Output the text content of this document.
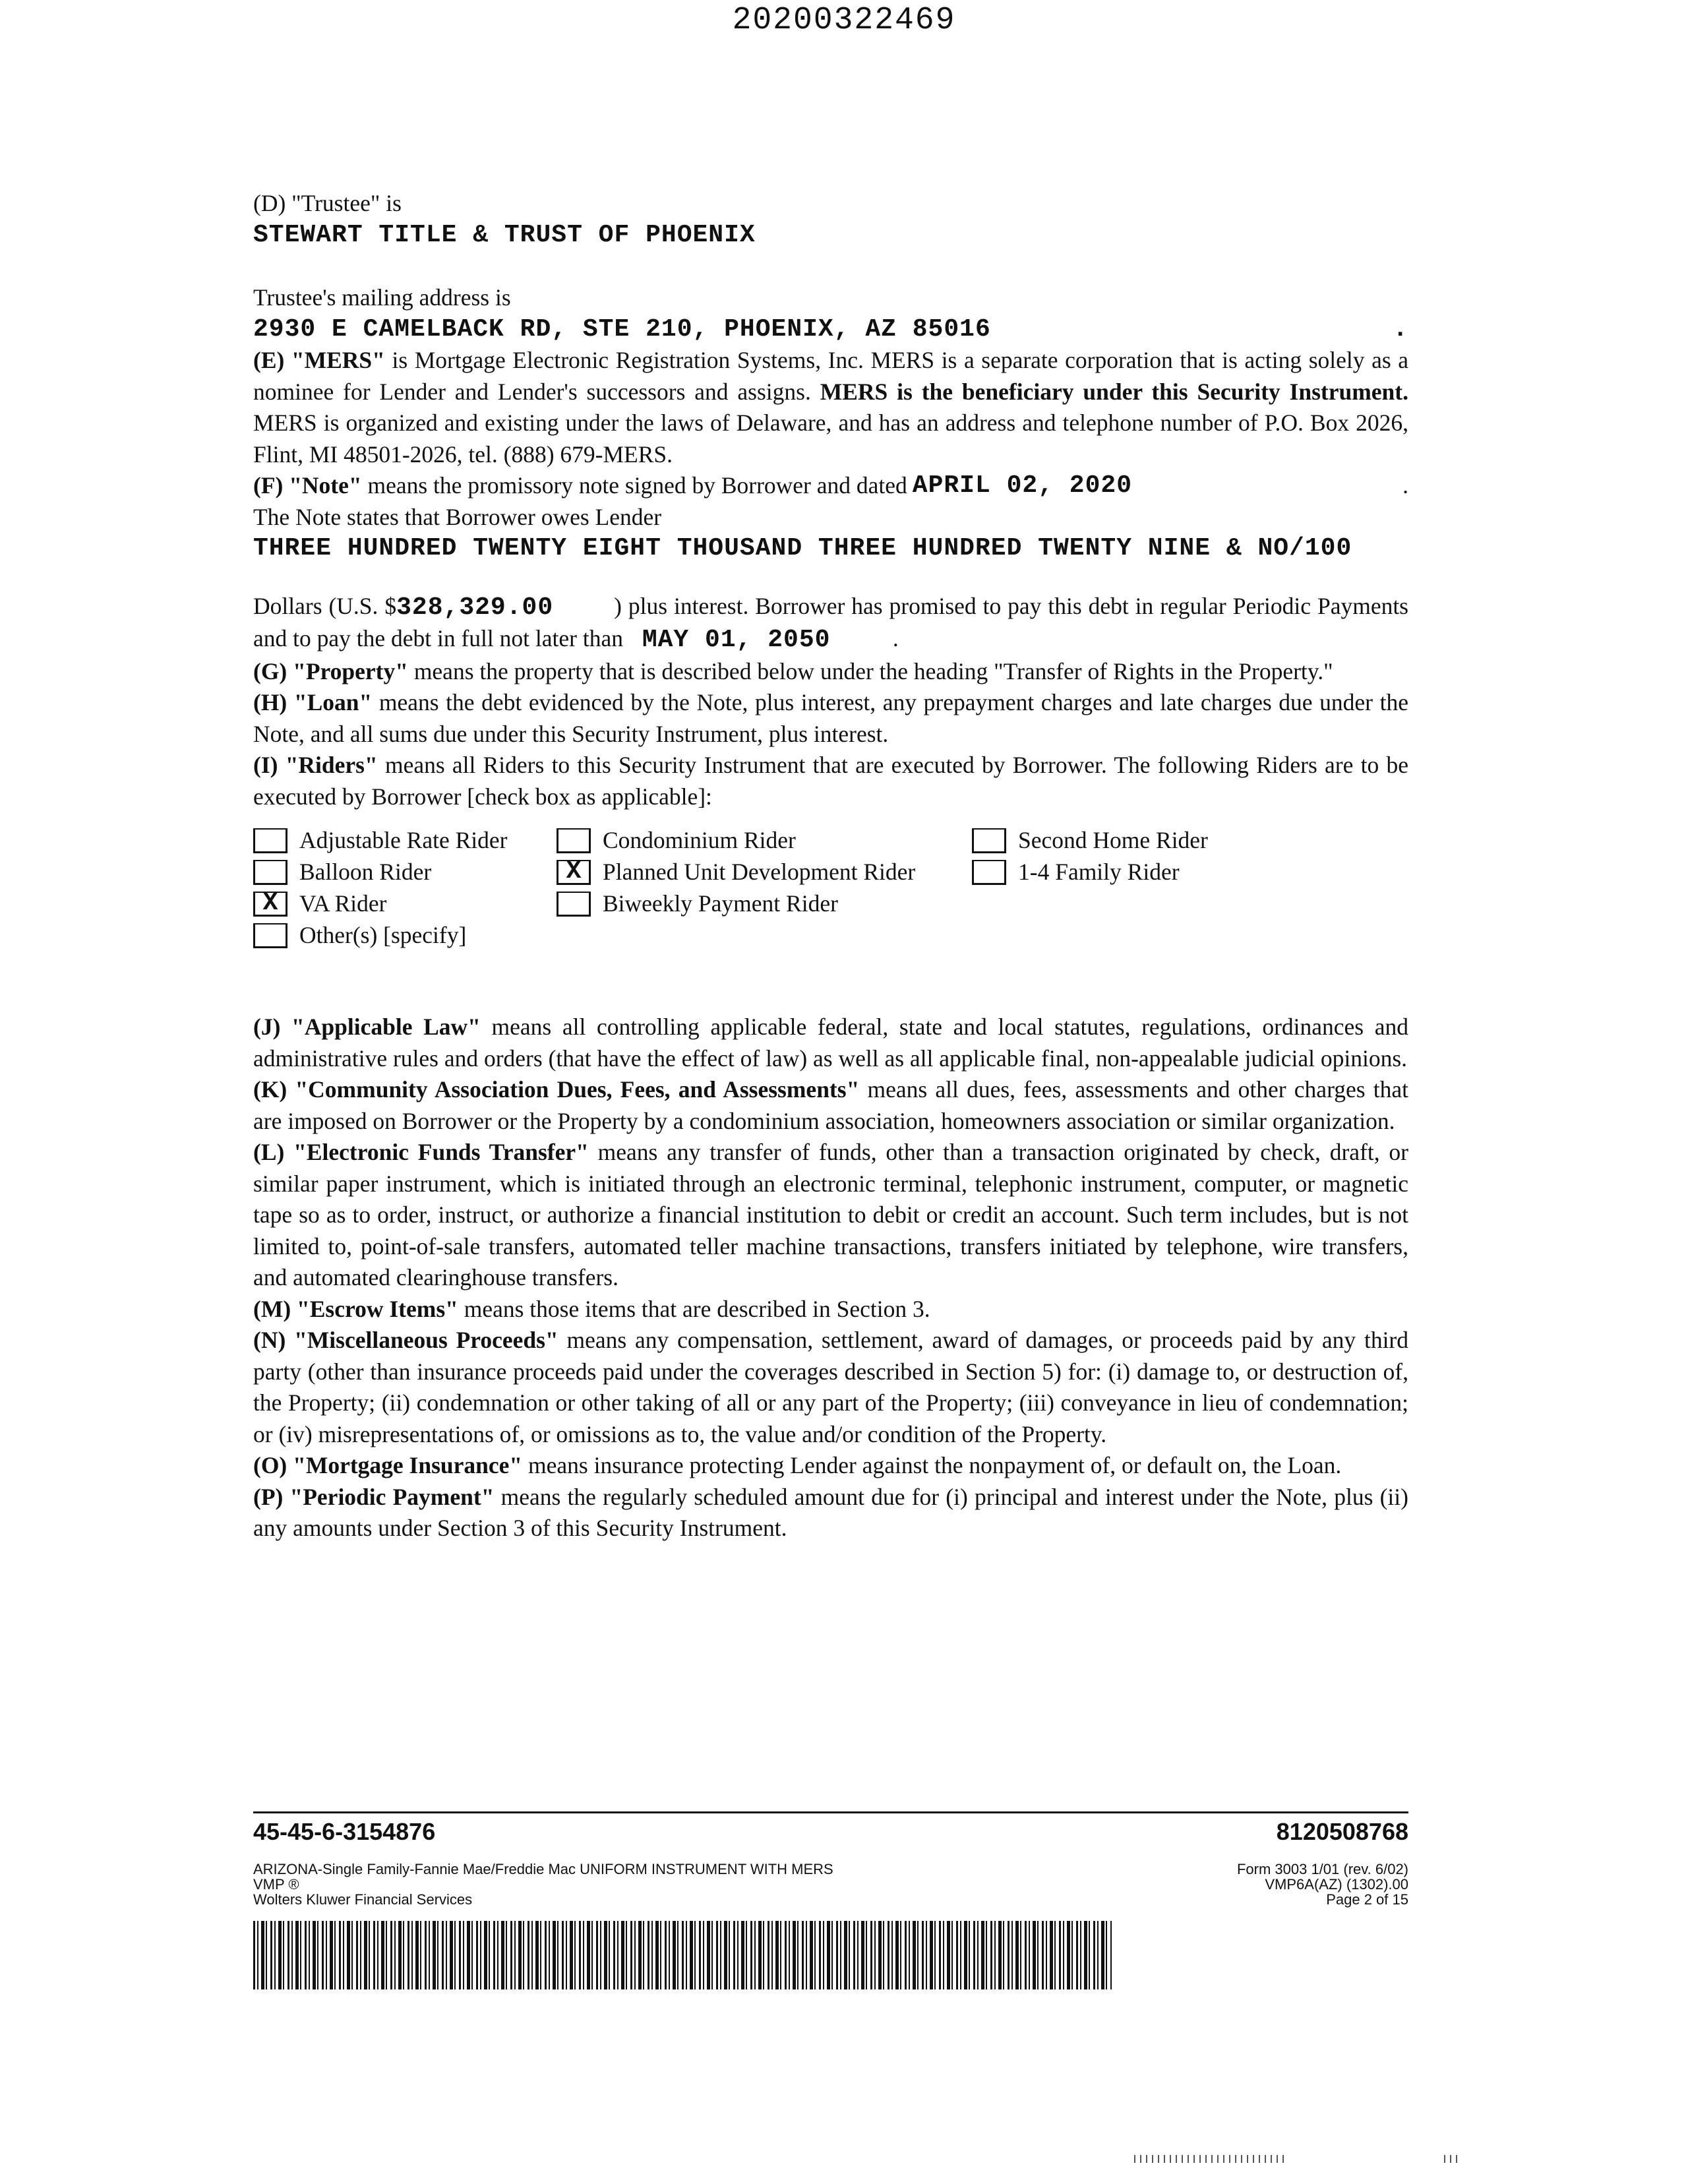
20200322469

(D) "Trustee" is

STEWART TITLE & TRUST OF PHOENIX

Trustee's mailing address is

2930 E CAMELBACK RD, STE 210, PHOENIX, AZ 85016	.

(E) "MERS" is Mortgage Electronic Registration Systems, Inc. MERS is a separate corporation that is acting solely as a nominee for Lender and Lender's successors and assigns. MERS is the beneficiary under this Security Instrument. MERS is organized and existing under the laws of Delaware, and has an address and telephone number of P.O. Box 2026, Flint, MI 48501-2026, tel. (888) 679-MERS.

(F) "Note" means the promissory note signed by Borrower and dated APRIL 02, 2020	.

The Note states that Borrower owes Lender

THREE HUNDRED TWENTY EIGHT THOUSAND THREE HUNDRED TWENTY NINE & NO/100

Dollars (U.S. $328,329.00	) plus interest. Borrower has promised to pay this debt in regular Periodic Payments and to pay the debt in full not later than MAY 01, 2050	.

(G) "Property" means the property that is described below under the heading "Transfer of Rights in the Property."

(H) "Loan" means the debt evidenced by the Note, plus interest, any prepayment charges and late charges due under the Note, and all sums due under this Security Instrument, plus interest.

(I) "Riders" means all Riders to this Security Instrument that are executed by Borrower. The following Riders are to be executed by Borrower [check box as applicable]:

Adjustable Rate Rider
Balloon Rider
X VA Rider
Other(s) [specify]
Condominium Rider
X Planned Unit Development Rider
Biweekly Payment Rider
Second Home Rider
1-4 Family Rider

(J) "Applicable Law" means all controlling applicable federal, state and local statutes, regulations, ordinances and administrative rules and orders (that have the effect of law) as well as all applicable final, non-appealable judicial opinions.

(K) "Community Association Dues, Fees, and Assessments" means all dues, fees, assessments and other charges that are imposed on Borrower or the Property by a condominium association, homeowners association or similar organization.

(L) "Electronic Funds Transfer" means any transfer of funds, other than a transaction originated by check, draft, or similar paper instrument, which is initiated through an electronic terminal, telephonic instrument, computer, or magnetic tape so as to order, instruct, or authorize a financial institution to debit or credit an account. Such term includes, but is not limited to, point-of-sale transfers, automated teller machine transactions, transfers initiated by telephone, wire transfers, and automated clearinghouse transfers.

(M) "Escrow Items" means those items that are described in Section 3.

(N) "Miscellaneous Proceeds" means any compensation, settlement, award of damages, or proceeds paid by any third party (other than insurance proceeds paid under the coverages described in Section 5) for: (i) damage to, or destruction of, the Property; (ii) condemnation or other taking of all or any part of the Property; (iii) conveyance in lieu of condemnation; or (iv) misrepresentations of, or omissions as to, the value and/or condition of the Property.

(O) "Mortgage Insurance" means insurance protecting Lender against the nonpayment of, or default on, the Loan.

(P) "Periodic Payment" means the regularly scheduled amount due for (i) principal and interest under the Note, plus (ii) any amounts under Section 3 of this Security Instrument.

45-45-6-3154876	8120508768
ARIZONA-Single Family-Fannie Mae/Freddie Mac UNIFORM INSTRUMENT WITH MERS
VMP ®
Wolters Kluwer Financial Services
Form 3003 1/01 (rev. 6/02)
VMP6A(AZ) (1302).00
Page 2 of 15
